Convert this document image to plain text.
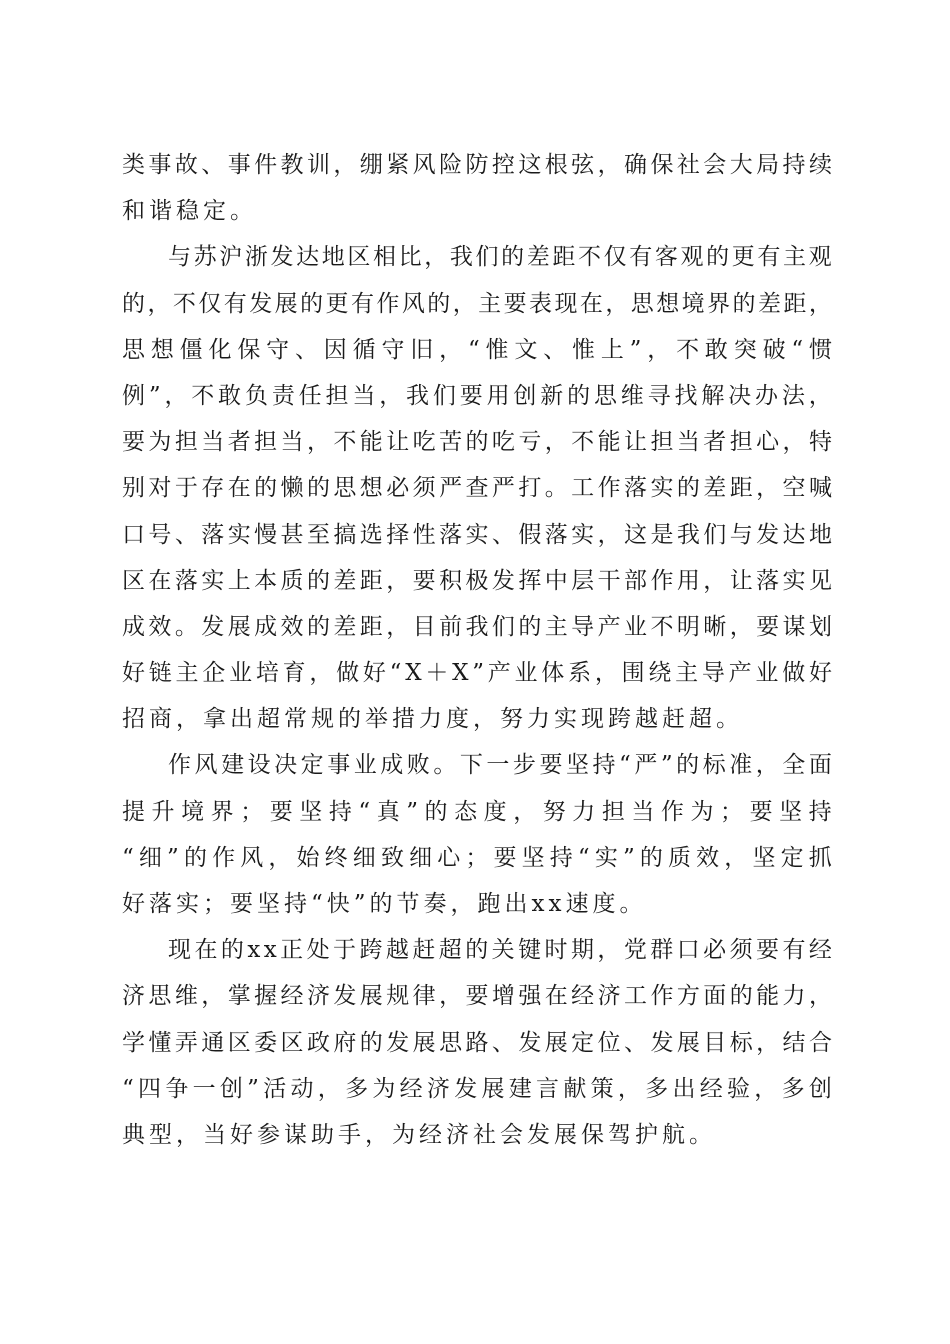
类 事 故 、 事 件 教 训 ， 绷 紧 风 险 防 控 这 根 弦 ， 确 保 社 会 大 局 持 续
和谐稳定。
与 苏 沪 浙 发 达 地 区 相 比 ， 我 们 的 差 距 不 仅 有 客 观 的 更 有 主 观
的 ， 不 仅 有 发 展 的 更 有 作 风 的 ， 主 要 表 现 在 ， 思 想 境 界 的 差 距 ，
思 想 僵 化 保 守 、 因 循 守 旧 ， “ 惟 文 、 惟 上 ” ， 不 敢 突 破 “ 惯
例 ” ， 不 敢 负 责 任 担 当 ， 我 们 要 用 创 新 的 思 维 寻 找 解 决 办 法 ，
要 为 担 当 者 担 当 ， 不 能 让 吃 苦 的 吃 亏 ， 不 能 让 担 当 者 担 心 ， 特
别 对 于 存 在 的 懒 的 思 想 必 须 严 查 严 打 。 工 作 落 实 的 差 距 ， 空 喊
口 号 、 落 实 慢 甚 至 搞 选 择 性 落 实 、 假 落 实 ， 这 是 我 们 与 发 达 地
区 在 落 实 上 本 质 的 差 距 ， 要 积 极 发 挥 中 层 干 部 作 用 ， 让 落 实 见
成 效 。 发 展 成 效 的 差 距 ， 目 前 我 们 的 主 导 产 业 不 明 晰 ， 要 谋 划
好 链 主 企 业 培 育 ， 做 好 “ X ＋ X ” 产 业 体 系 ， 围 绕 主 导 产 业 做 好
招商，拿出超常规的举措力度，努力实现跨越赶超。
作 风 建 设 决 定 事 业 成 败 。 下 一 步 要 坚 持 “ 严 ” 的 标 准 ， 全 面
提 升 境 界 ； 要 坚 持 “ 真 ” 的 态 度 ， 努 力 担 当 作 为 ； 要 坚 持
“ 细 ” 的 作 风 ， 始 终 细 致 细 心 ； 要 坚 持 “ 实 ” 的 质 效 ， 坚 定 抓
好落实；要坚持“快”的节奏，跑出xx速度。
现 在 的 x x 正 处 于 跨 越 赶 超 的 关 键 时 期 ， 党 群 口 必 须 要 有 经
济 思 维 ， 掌 握 经 济 发 展 规 律 ， 要 增 强 在 经 济 工 作 方 面 的 能 力 ，
学 懂 弄 通 区 委 区 政 府 的 发 展 思 路 、 发 展 定 位 、 发 展 目 标 ， 结 合
“ 四 争 一 创 ” 活 动 ， 多 为 经 济 发 展 建 言 献 策 ， 多 出 经 验 ， 多 创
典型，当好参谋助手，为经济社会发展保驾护航。
